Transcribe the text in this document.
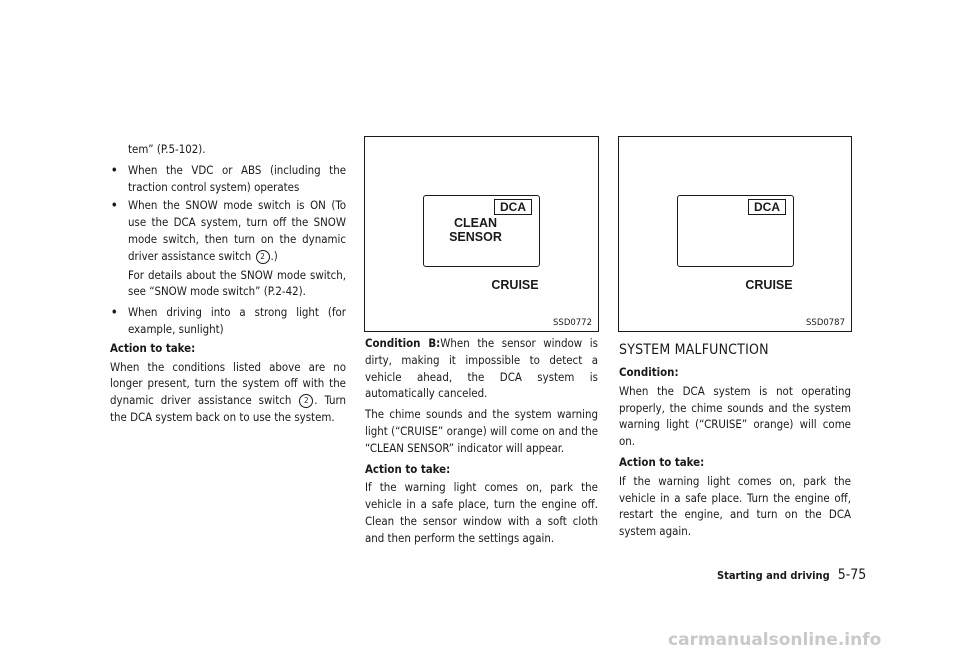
tem” (P.5-102).

• When the VDC or ABS (including the traction control system) operates
• When the SNOW mode switch is ON (To use the DCA system, turn off the SNOW mode switch, then turn on the dynamic driver assistance switch 2 .)

For details about the SNOW mode switch, see “SNOW mode switch” (P.2-42).

• When driving into a strong light (for example, sunlight)

Action to take:

When the conditions listed above are no longer present, turn the system off with the dynamic driver assistance switch 2 . Turn the DCA system back on to use the system.

DCA
CLEAN
SENSOR
CRUISE
SSD0772
DCA
CRUISE
SSD0787

Condition B:When the sensor window is dirty, making it impossible to detect a vehicle ahead, the DCA system is automatically canceled.

The chime sounds and the system warning light (“CRUISE” orange) will come on and the “CLEAN SENSOR” indicator will appear.

Action to take:

If the warning light comes on, park the vehicle in a safe place, turn the engine off. Clean the sensor window with a soft cloth and then perform the settings again.

SYSTEM MALFUNCTION

Condition:

When the DCA system is not operating properly, the chime sounds and the system warning light (“CRUISE” orange) will come on.

Action to take:

If the warning light comes on, park the vehicle in a safe place. Turn the engine off, restart the engine, and turn on the DCA system again.

Starting and driving 5-75
carmanualsonline.info
